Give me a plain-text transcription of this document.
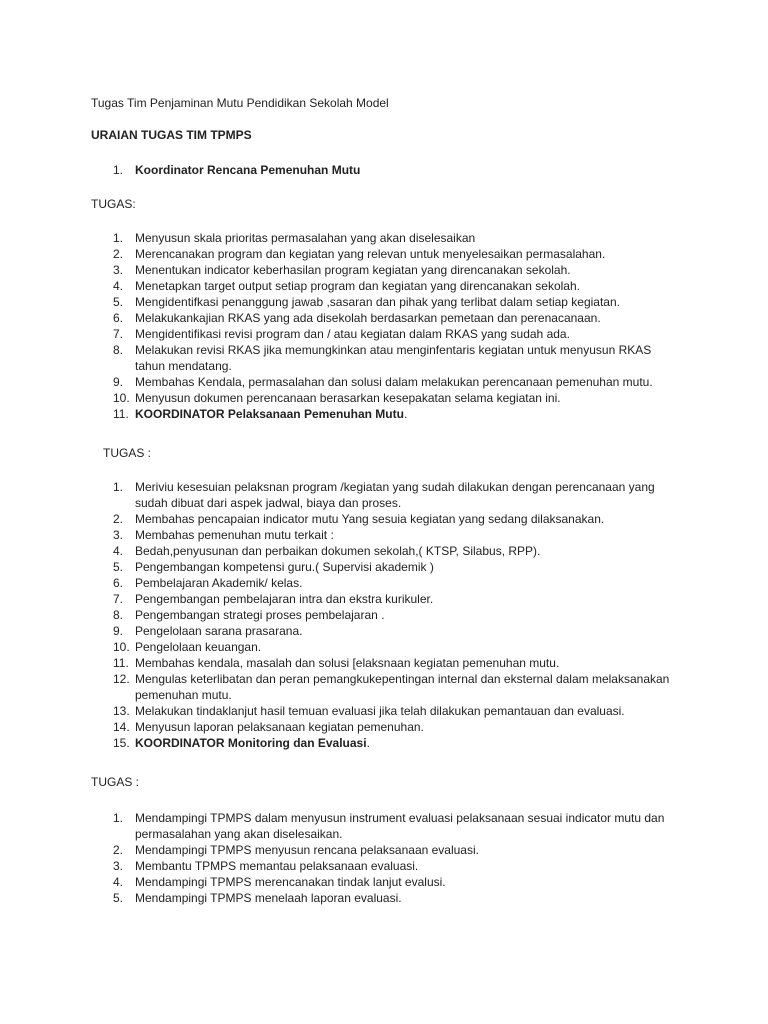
Tugas Tim Penjaminan Mutu Pendidikan Sekolah Model
URAIAN TUGAS TIM TPMPS
1. Koordinator Rencana Pemenuhan Mutu
TUGAS:
1. Menyusun skala prioritas permasalahan yang akan diselesaikan
2. Merencanakan program dan kegiatan yang relevan untuk menyelesaikan permasalahan.
3. Menentukan indicator keberhasilan program kegiatan yang direncanakan sekolah.
4. Menetapkan target output setiap program dan kegiatan yang direncanakan sekolah.
5. Mengidentifkasi penanggung jawab ,sasaran dan pihak yang terlibat dalam setiap kegiatan.
6. Melakukankajian RKAS yang ada disekolah berdasarkan pemetaan dan perenacanaan.
7. Mengidentifikasi revisi program dan / atau kegiatan dalam RKAS yang sudah ada.
8. Melakukan revisi RKAS jika memungkinkan atau menginfentaris kegiatan untuk menyusun RKAS tahun mendatang.
9. Membahas Kendala, permasalahan dan solusi dalam melakukan perencanaan pemenuhan mutu.
10. Menyusun dokumen perencanaan berasarkan kesepakatan selama kegiatan ini.
11. KOORDINATOR Pelaksanaan Pemenuhan Mutu.
TUGAS :
1. Meriviu kesesuian pelaksnan program /kegiatan yang sudah dilakukan dengan perencanaan yang sudah dibuat dari aspek jadwal, biaya dan proses.
2. Membahas pencapaian indicator mutu Yang sesuia kegiatan yang sedang dilaksanakan.
3. Membahas pemenuhan mutu terkait :
4. Bedah,penyusunan dan perbaikan dokumen sekolah,( KTSP, Silabus, RPP).
5. Pengembangan kompetensi guru.( Supervisi akademik )
6. Pembelajaran Akademik/ kelas.
7. Pengembangan pembelajaran intra dan ekstra kurikuler.
8. Pengembangan strategi proses pembelajaran .
9. Pengelolaan sarana prasarana.
10. Pengelolaan keuangan.
11. Membahas kendala, masalah dan solusi [elaksnaan kegiatan pemenuhan mutu.
12. Mengulas keterlibatan dan peran pemangkukepentingan internal dan eksternal dalam melaksanakan pemenuhan mutu.
13. Melakukan tindaklanjut hasil temuan evaluasi jika telah dilakukan pemantauan dan evaluasi.
14. Menyusun laporan pelaksanaan kegiatan pemenuhan.
15. KOORDINATOR Monitoring dan Evaluasi.
TUGAS :
1. Mendampingi TPMPS dalam menyusun instrument evaluasi pelaksanaan sesuai indicator mutu dan permasalahan yang akan diselesaikan.
2. Mendampingi TPMPS menyusun rencana pelaksanaan evaluasi.
3. Membantu TPMPS memantau pelaksanaan evaluasi.
4. Mendampingi TPMPS merencanakan tindak lanjut evalusi.
5. Mendampingi TPMPS menelaah laporan evaluasi.
